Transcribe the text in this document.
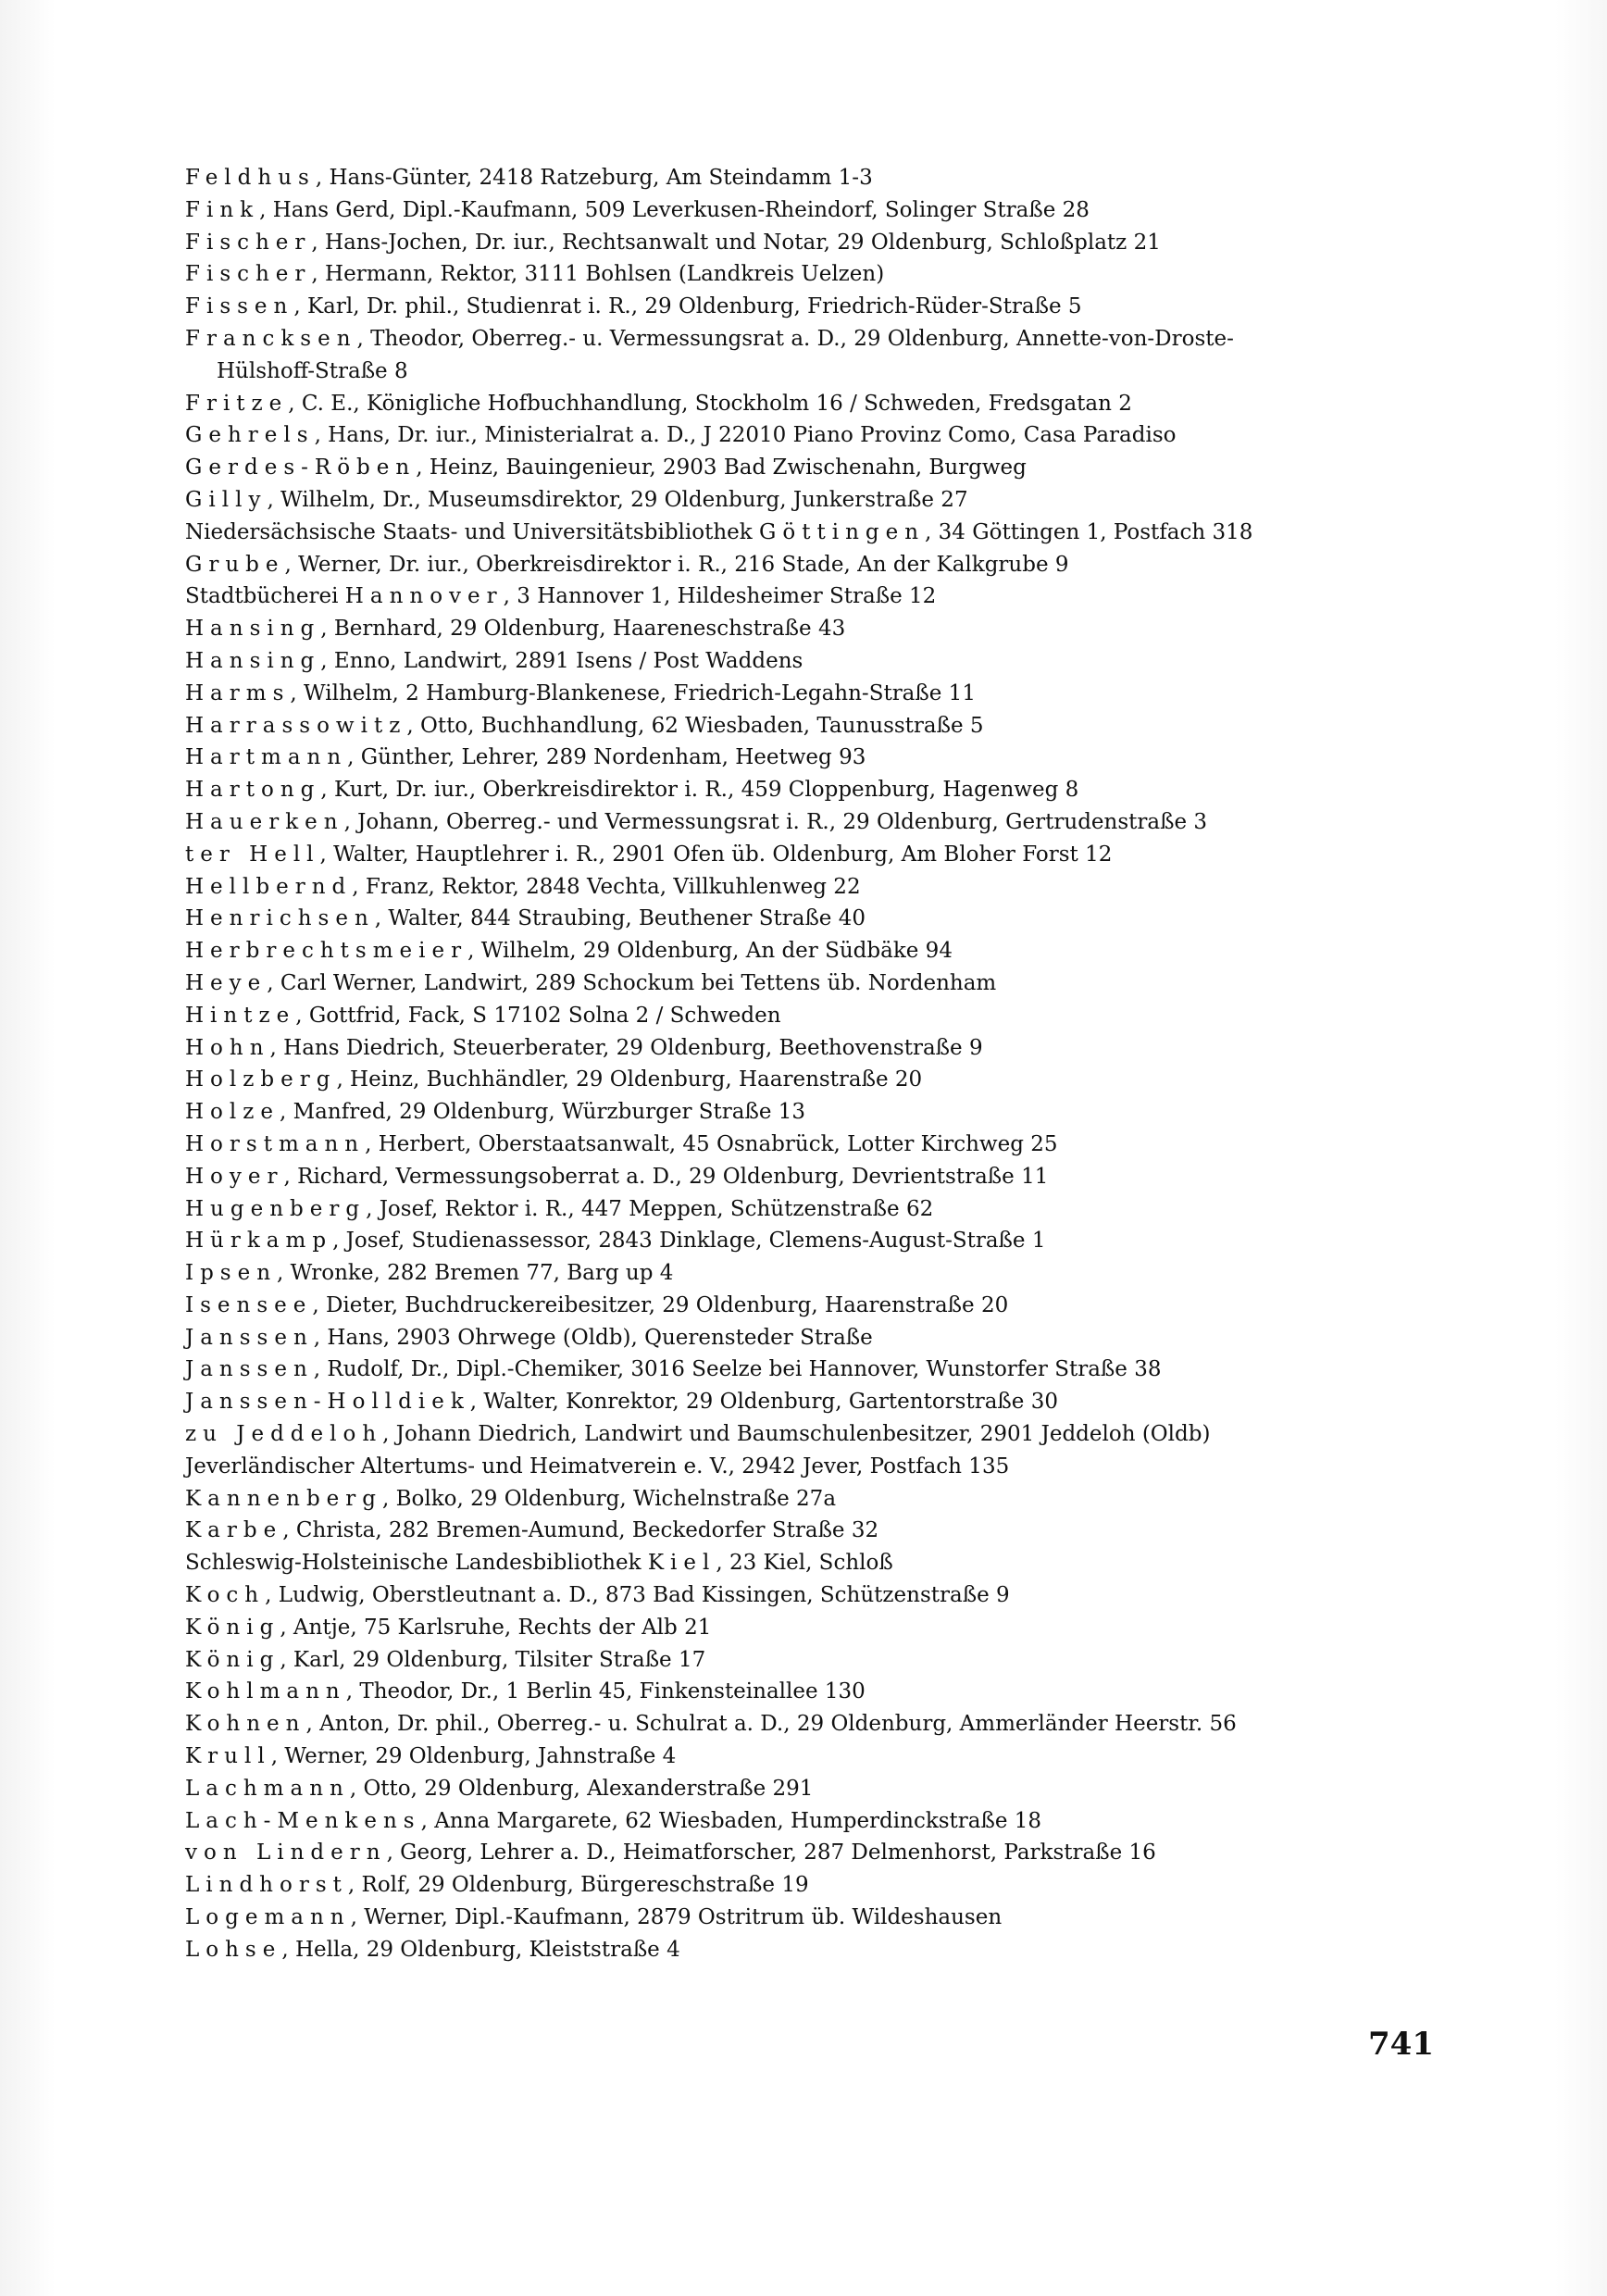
Feldhus, Hans-Günter, 2418 Ratzeburg, Am Steindamm 1-3
Fink, Hans Gerd, Dipl.-Kaufmann, 509 Leverkusen-Rheindorf, Solinger Straße 28
Fischer, Hans-Jochen, Dr. iur., Rechtsanwalt und Notar, 29 Oldenburg, Schloßplatz 21
Fischer, Hermann, Rektor, 3111 Bohlsen (Landkreis Uelzen)
Fissen, Karl, Dr. phil., Studienrat i. R., 29 Oldenburg, Friedrich-Rüder-Straße 5
Francksen, Theodor, Oberreg.- u. Vermessungsrat a. D., 29 Oldenburg, Annette-von-Droste-
Hülshoff-Straße 8
Fritze, C. E., Königliche Hofbuchhandlung, Stockholm 16 / Schweden, Fredsgatan 2
Gehrels, Hans, Dr. iur., Ministerialrat a. D., J 22010 Piano Provinz Como, Casa Paradiso
Gerdes-Röben, Heinz, Bauingenieur, 2903 Bad Zwischenahn, Burgweg
Gilly, Wilhelm, Dr., Museumsdirektor, 29 Oldenburg, Junkerstraße 27
Niedersächsische Staats- und Universitätsbibliothek Göttingen, 34 Göttingen 1, Postfach 318
Grube, Werner, Dr. iur., Oberkreisdirektor i. R., 216 Stade, An der Kalkgrube 9
Stadtbücherei Hannover, 3 Hannover 1, Hildesheimer Straße 12
Hansing, Bernhard, 29 Oldenburg, Haareneschstraße 43
Hansing, Enno, Landwirt, 2891 Isens / Post Waddens
Harms, Wilhelm, 2 Hamburg-Blankenese, Friedrich-Legahn-Straße 11
Harrassowitz, Otto, Buchhandlung, 62 Wiesbaden, Taunusstraße 5
Hartmann, Günther, Lehrer, 289 Nordenham, Heetweg 93
Hartong, Kurt, Dr. iur., Oberkreisdirektor i. R., 459 Cloppenburg, Hagenweg 8
Hauerken, Johann, Oberreg.- und Vermessungsrat i. R., 29 Oldenburg, Gertrudenstraße 3
ter Hell, Walter, Hauptlehrer i. R., 2901 Ofen üb. Oldenburg, Am Bloher Forst 12
Hellbernd, Franz, Rektor, 2848 Vechta, Villkuhlenweg 22
Henrichsen, Walter, 844 Straubing, Beuthener Straße 40
Herbrechtsmeier, Wilhelm, 29 Oldenburg, An der Südbäke 94
Heye, Carl Werner, Landwirt, 289 Schockum bei Tettens üb. Nordenham
Hintze, Gottfrid, Fack, S 17102 Solna 2 / Schweden
Hohn, Hans Diedrich, Steuerberater, 29 Oldenburg, Beethovenstraße 9
Holzberg, Heinz, Buchhändler, 29 Oldenburg, Haarenstraße 20
Holze, Manfred, 29 Oldenburg, Würzburger Straße 13
Horstmann, Herbert, Oberstaatsanwalt, 45 Osnabrück, Lotter Kirchweg 25
Hoyer, Richard, Vermessungsoberrat a. D., 29 Oldenburg, Devrientstraße 11
Hugenberg, Josef, Rektor i. R., 447 Meppen, Schützenstraße 62
Hürkamp, Josef, Studienassessor, 2843 Dinklage, Clemens-August-Straße 1
Ipsen, Wronke, 282 Bremen 77, Barg up 4
Isensee, Dieter, Buchdruckereibesitzer, 29 Oldenburg, Haarenstraße 20
Janssen, Hans, 2903 Ohrwege (Oldb), Querensteder Straße
Janssen, Rudolf, Dr., Dipl.-Chemiker, 3016 Seelze bei Hannover, Wunstorfer Straße 38
Janssen-Holldiek, Walter, Konrektor, 29 Oldenburg, Gartentorstraße 30
zu Jeddeloh, Johann Diedrich, Landwirt und Baumschulenbesitzer, 2901 Jeddeloh (Oldb)
Jeverländischer Altertums- und Heimatverein e. V., 2942 Jever, Postfach 135
Kannenberg, Bolko, 29 Oldenburg, Wichelnstraße 27a
Karbe, Christa, 282 Bremen-Aumund, Beckedorfer Straße 32
Schleswig-Holsteinische Landesbibliothek Kiel, 23 Kiel, Schloß
Koch, Ludwig, Oberstleutnant a. D., 873 Bad Kissingen, Schützenstraße 9
König, Antje, 75 Karlsruhe, Rechts der Alb 21
König, Karl, 29 Oldenburg, Tilsiter Straße 17
Kohlmann, Theodor, Dr., 1 Berlin 45, Finkensteinallee 130
Kohnen, Anton, Dr. phil., Oberreg.- u. Schulrat a. D., 29 Oldenburg, Ammerländer Heerstr. 56
Krull, Werner, 29 Oldenburg, Jahnstraße 4
Lachmann, Otto, 29 Oldenburg, Alexanderstraße 291
Lach-Menkens, Anna Margarete, 62 Wiesbaden, Humperdinckstraße 18
von Lindern, Georg, Lehrer a. D., Heimatforscher, 287 Delmenhorst, Parkstraße 16
Lindhorst, Rolf, 29 Oldenburg, Bürgereschstraße 19
Logemann, Werner, Dipl.-Kaufmann, 2879 Ostritrum üb. Wildeshausen
Lohse, Hella, 29 Oldenburg, Kleiststraße 4
741
